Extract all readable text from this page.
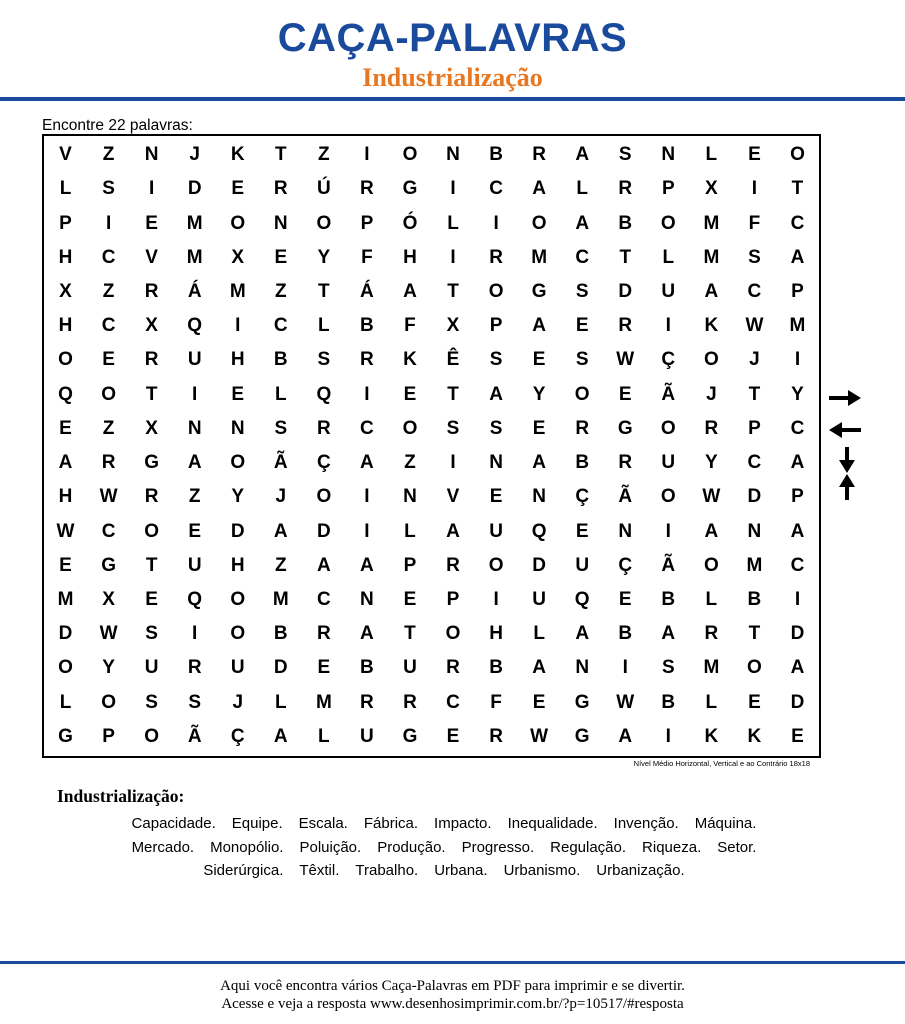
CAÇA-PALAVRAS
Industrialização
Encontre 22 palavras:
V	Z	N	J	K	T	Z	I	O	N	B	R	A	S	N	L	E	O
L	S	I	D	E	R	Ú	R	G	I	C	A	L	R	P	X	I	T
P	I	E	M	O	N	O	P	Ó	L	I	O	A	B	O	M	F	C
H	C	V	M	X	E	Y	F	H	I	R	M	C	T	L	M	S	A
X	Z	R	Á	M	Z	T	Á	A	T	O	G	S	D	U	A	C	P
H	C	X	Q	I	C	L	B	F	X	P	A	E	R	I	K	W	M
O	E	R	U	H	B	S	R	K	Ê	S	E	S	W	Ç	O	J	I
Q	O	T	I	E	L	Q	I	E	T	A	Y	O	E	Ã	J	T	Y
E	Z	X	N	N	S	R	C	O	S	S	E	R	G	O	R	P	C
A	R	G	A	O	Ã	Ç	A	Z	I	N	A	B	R	U	Y	C	A
H	W	R	Z	Y	J	O	I	N	V	E	N	Ç	Ã	O	W	D	P
W	C	O	E	D	A	D	I	L	A	U	Q	E	N	I	A	N	A
E	G	T	U	H	Z	A	A	P	R	O	D	U	Ç	Ã	O	M	C
M	X	E	Q	O	M	C	N	E	P	I	U	Q	E	B	L	B	I
D	W	S	I	O	B	R	A	T	O	H	L	A	B	A	R	T	D
O	Y	U	R	U	D	E	B	U	R	B	A	N	I	S	M	O	A
L	O	S	S	J	L	M	R	R	C	F	E	G	W	B	L	E	D
G	P	O	Ã	Ç	A	L	U	G	E	R	W	G	A	I	K	K	E
Nível Médio Horizontal, Vertical e ao Contrário 18x18
Industrialização:
Capacidade. Equipe. Escala. Fábrica. Impacto. Inequalidade. Invenção. Máquina.
Mercado. Monopólio. Poluição. Produção. Progresso. Regulação. Riqueza. Setor.
Siderúrgica. Têxtil. Trabalho. Urbana. Urbanismo. Urbanização.
Aqui você encontra vários Caça-Palavras em PDF para imprimir e se divertir.
Acesse e veja a resposta www.desenhosimprimir.com.br/?p=10517/#resposta
